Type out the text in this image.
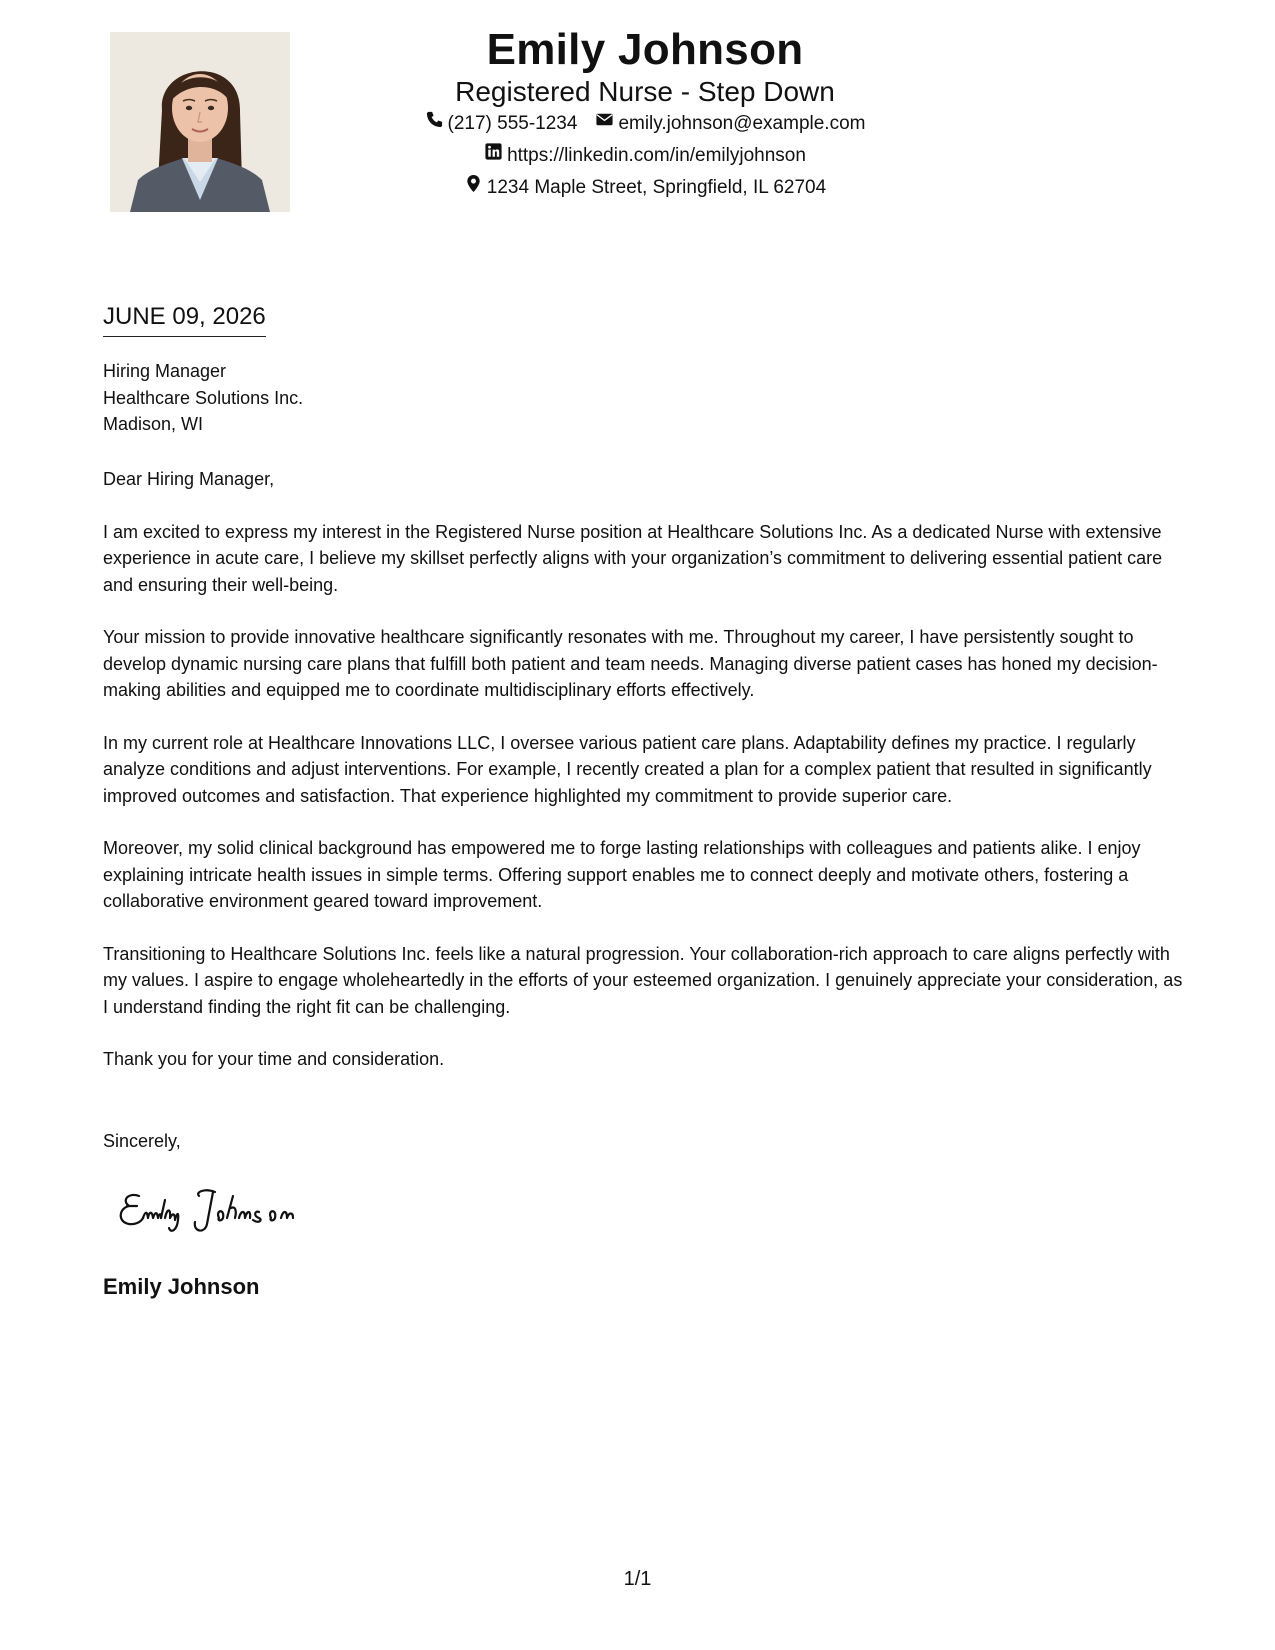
Emily Johnson
Registered Nurse - Step Down
(217) 555-1234 emily.johnson@example.com
https://linkedin.com/in/emilyjohnson
1234 Maple Street, Springfield, IL 62704
JUNE 09, 2026
Hiring Manager
Healthcare Solutions Inc.
Madison, WI

Dear Hiring Manager,

I am excited to express my interest in the Registered Nurse position at Healthcare Solutions Inc. As a dedicated Nurse with extensive experience in acute care, I believe my skillset perfectly aligns with your organization’s commitment to delivering essential patient care and ensuring their well-being.

Your mission to provide innovative healthcare significantly resonates with me. Throughout my career, I have persistently sought to develop dynamic nursing care plans that fulfill both patient and team needs. Managing diverse patient cases has honed my decision-making abilities and equipped me to coordinate multidisciplinary efforts effectively.

In my current role at Healthcare Innovations LLC, I oversee various patient care plans. Adaptability defines my practice. I regularly analyze conditions and adjust interventions. For example, I recently created a plan for a complex patient that resulted in significantly improved outcomes and satisfaction. That experience highlighted my commitment to provide superior care.

Moreover, my solid clinical background has empowered me to forge lasting relationships with colleagues and patients alike. I enjoy explaining intricate health issues in simple terms. Offering support enables me to connect deeply and motivate others, fostering a collaborative environment geared toward improvement.

Transitioning to Healthcare Solutions Inc. feels like a natural progression. Your collaboration-rich approach to care aligns perfectly with my values. I aspire to engage wholeheartedly in the efforts of your esteemed organization. I genuinely appreciate your consideration, as I understand finding the right fit can be challenging.

Thank you for your time and consideration.

Sincerely,
Emily Johnson
1/1
